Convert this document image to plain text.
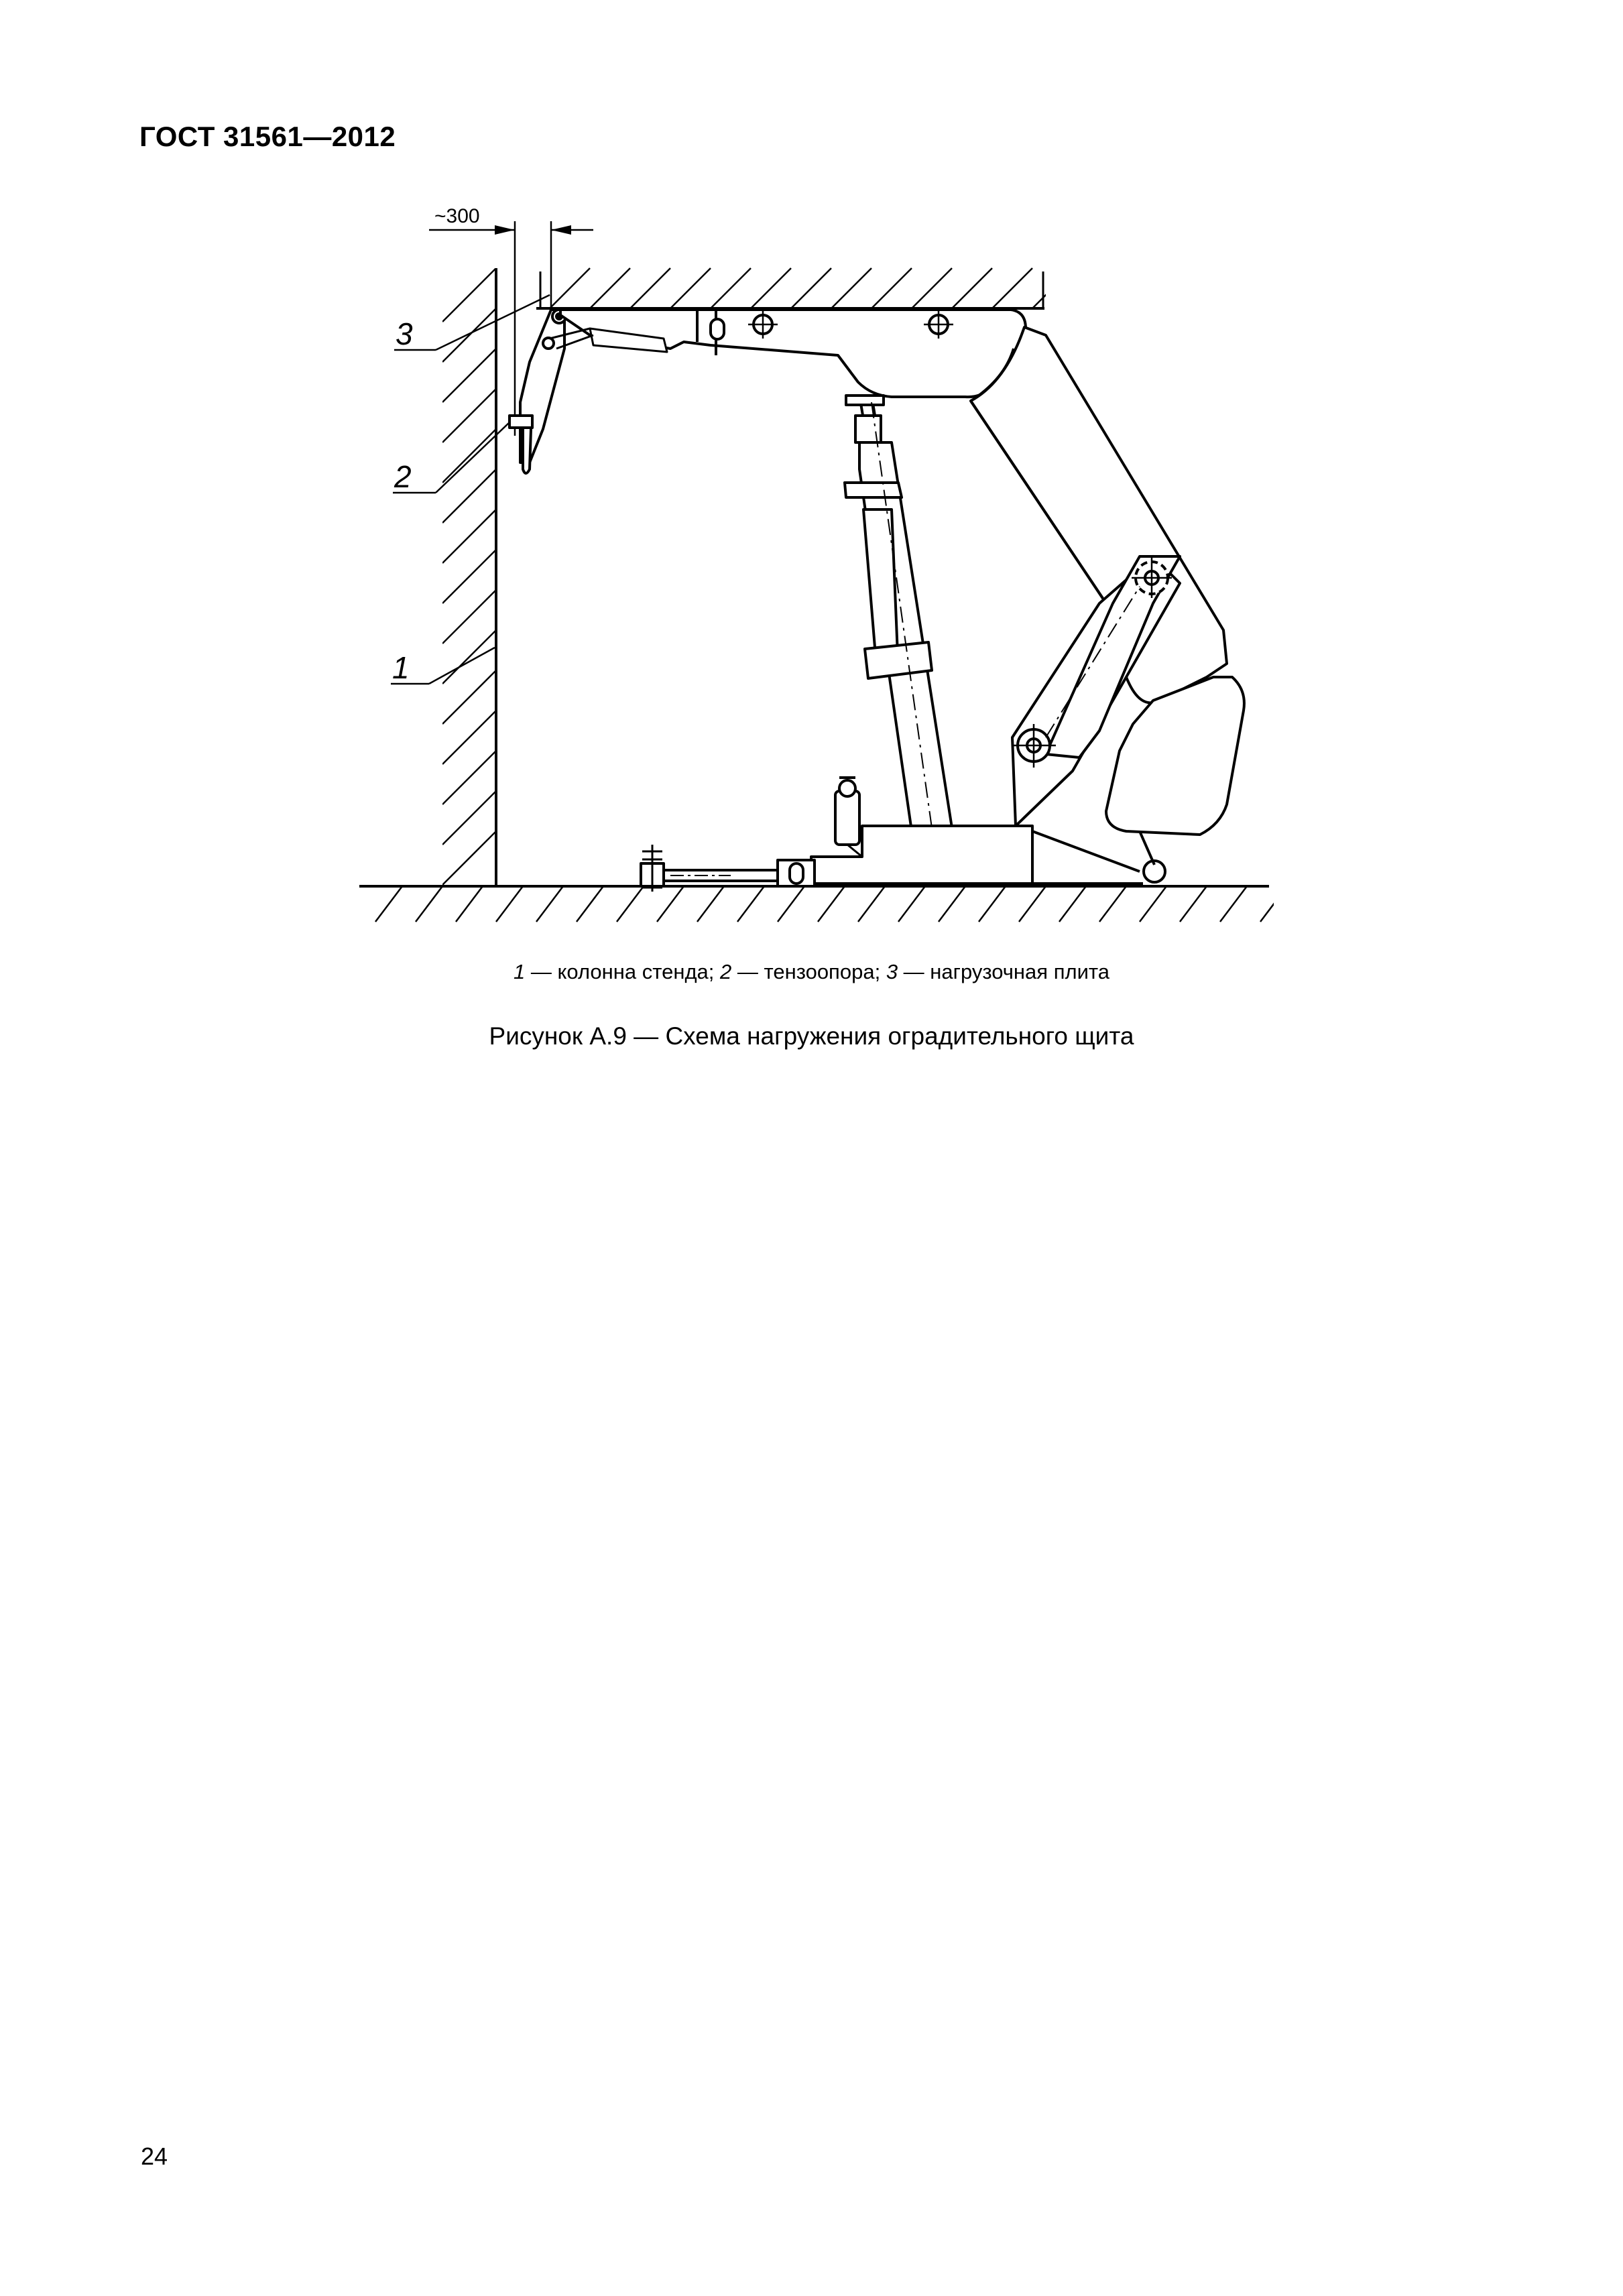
ГОСТ 31561—2012
~300
3
2
1
1 — колонна стенда; 2 — тензоопора; 3 — нагрузочная плита
Рисунок А.9 — Схема нагружения оградительного щита
24
